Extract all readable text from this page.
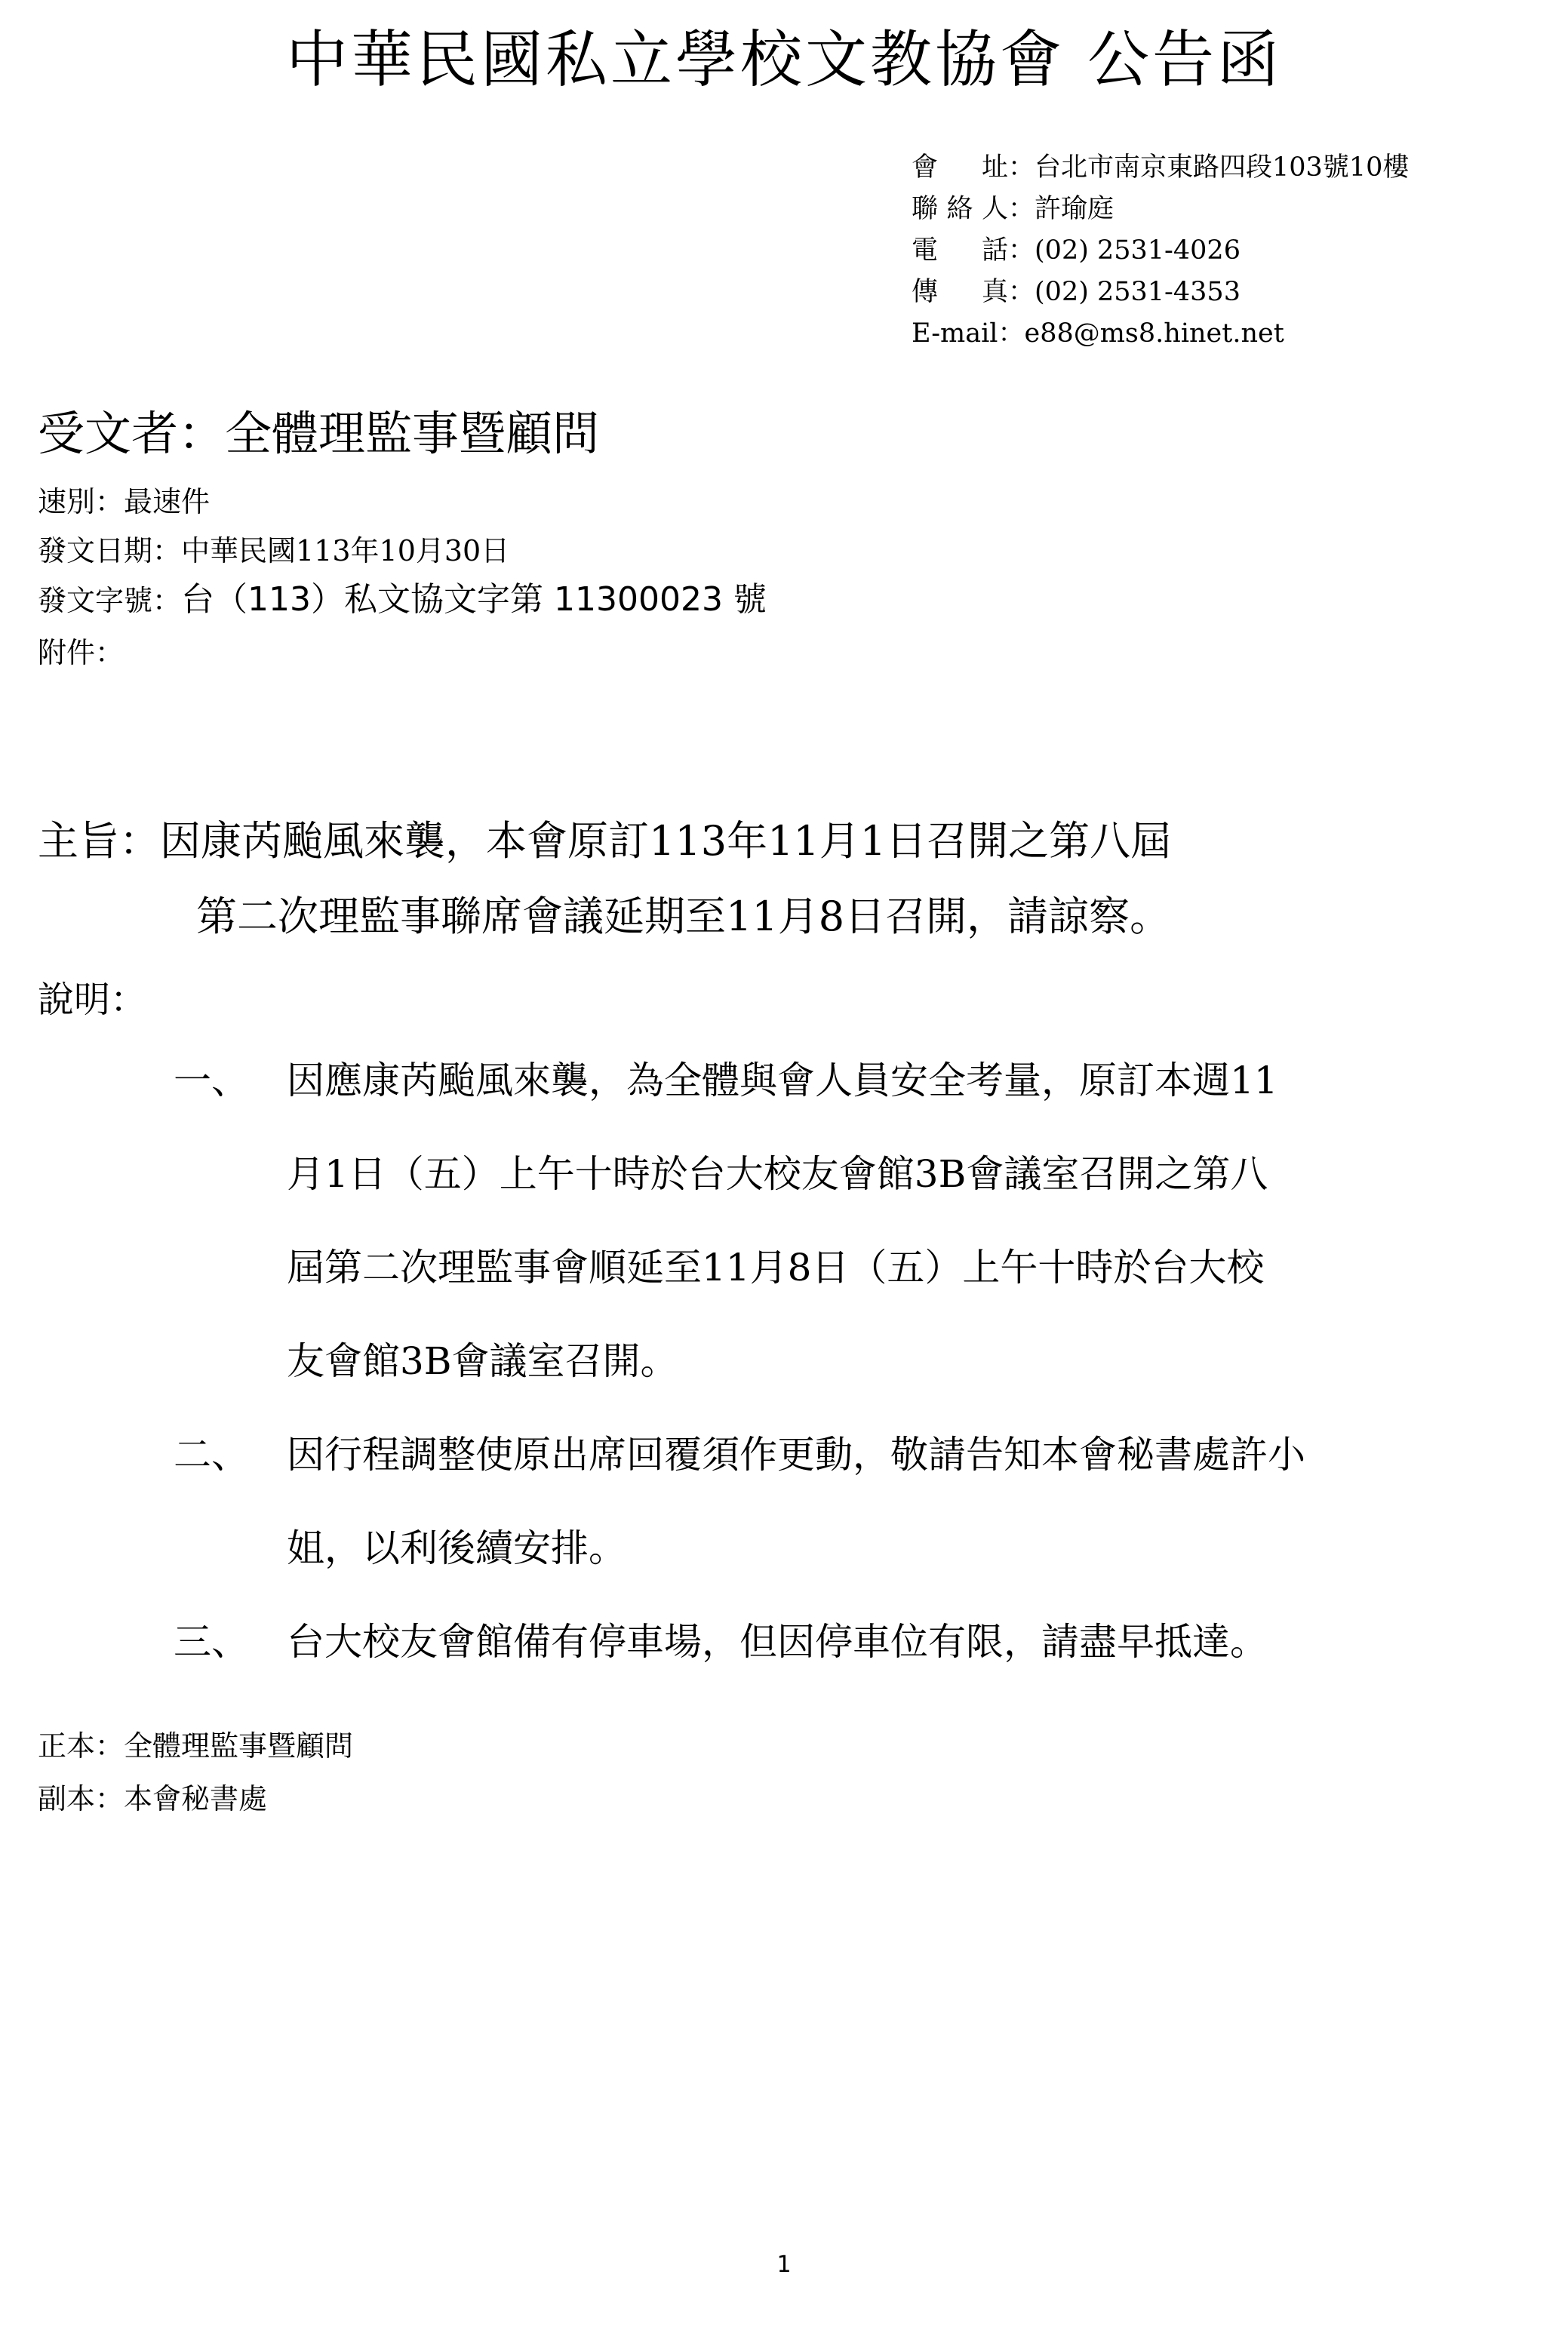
中華民國私立學校文教協會 公告函
會址 ： 台北市南京東路四段103號10樓
聯絡人 ： 許瑜庭
電話 ： (02) 2531-4026
傳真 ： (02) 2531-4353
E-mail ： e88@ms8.hinet.net
受文者：全體理監事暨顧問
速別：最速件
發文日期：中華民國113年10月30日
發文字號：台（113）私文協文字第 11300023 號
附件：
主旨：因康芮颱風來襲，本會原訂113年11月1日召開之第八屆
第二次理監事聯席會議延期至11月8日召開，請諒察。
說明：
一、 因應康芮颱風來襲，為全體與會人員安全考量，原訂本週11
月1日（五）上午十時於台大校友會館3B會議室召開之第八
屆第二次理監事會順延至11月8日（五）上午十時於台大校
友會館3B會議室召開。
二、 因行程調整使原出席回覆須作更動，敬請告知本會秘書處許小
姐，以利後續安排。
三、 台大校友會館備有停車場，但因停車位有限，請盡早抵達。
正本：全體理監事暨顧問
副本：本會秘書處
1
